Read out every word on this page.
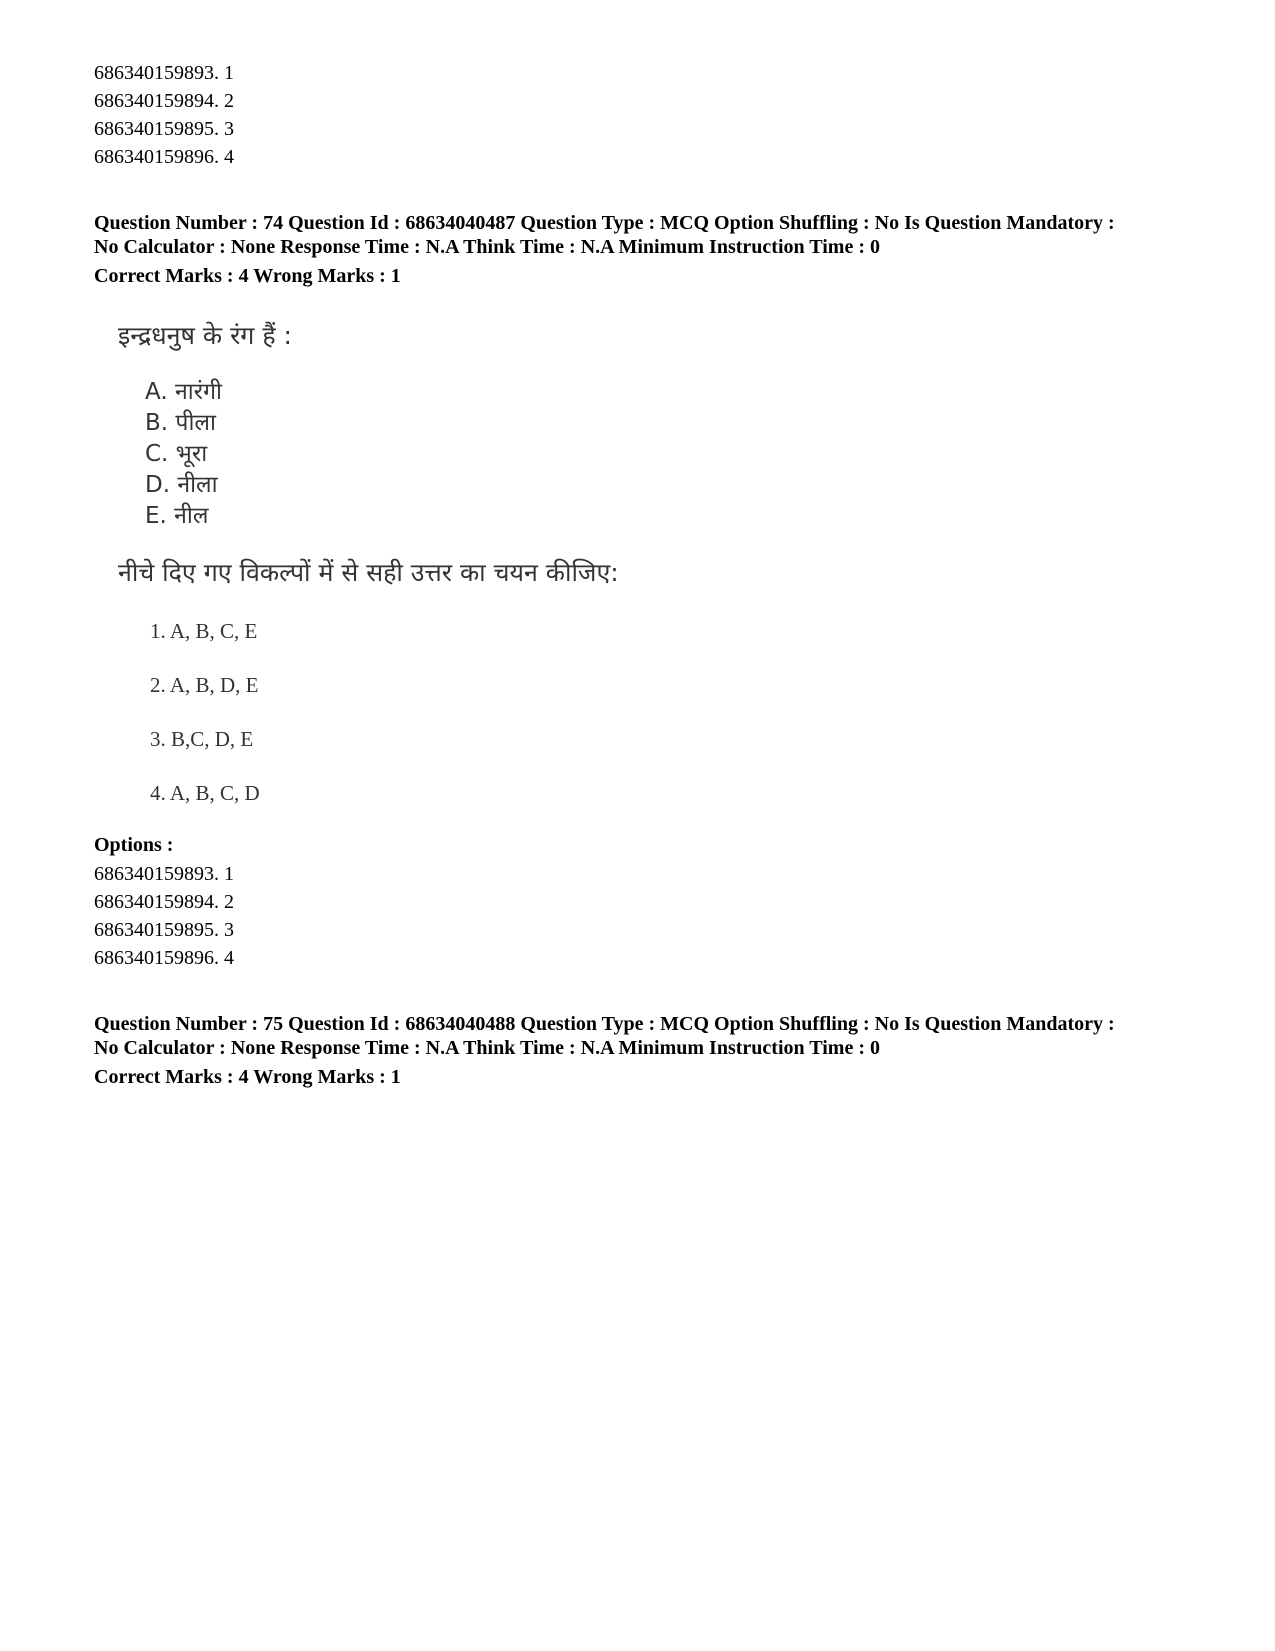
686340159893. 1
686340159894. 2
686340159895. 3
686340159896. 4
Question Number : 74 Question Id : 68634040487 Question Type : MCQ Option Shuffling : No Is Question Mandatory :
No Calculator : None Response Time : N.A Think Time : N.A Minimum Instruction Time : 0
Correct Marks : 4 Wrong Marks : 1
इन्द्रधनुष के रंग हैं :
A. नारंगी
B. पीला
C. भूरा
D. नीला
E. नील
नीचे दिए गए विकल्पों में से सही उत्तर का चयन कीजिए:
1. A, B, C, E
2. A, B, D, E
3. B,C, D, E
4. A, B, C, D
Options :
686340159893. 1
686340159894. 2
686340159895. 3
686340159896. 4
Question Number : 75 Question Id : 68634040488 Question Type : MCQ Option Shuffling : No Is Question Mandatory :
No Calculator : None Response Time : N.A Think Time : N.A Minimum Instruction Time : 0
Correct Marks : 4 Wrong Marks : 1
